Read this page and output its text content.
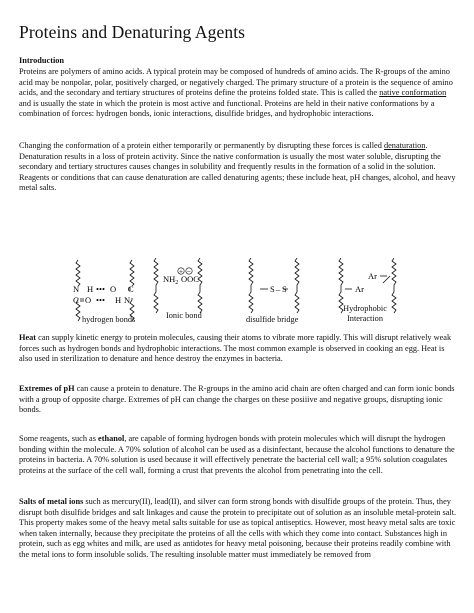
Proteins and Denaturing Agents

Introduction

Proteins are polymers of amino acids. A typical protein may be composed of hundreds of amino acids. The R-groups of the amino acid may be nonpolar, polar, positively charged, or negatively charged. The primary structure of a protein is the sequence of amino acids, and the secondary and tertiary structures of proteins define the proteins folded state. This is called the native conformation and is usually the state in which the protein is most active and functional. Proteins are held in their native conformations by a combination of forces: hydrogen bonds, ionic interactions, disulfide bridges, and hydrophobic interactions.

Changing the conformation of a protein either temporarily or permanently by disrupting these forces is called denaturation. Denaturation results in a loss of protein activity. Since the native conformation is usually the most water soluble, disrupting the secondary and tertiary structures causes changes in solubility and frequently results in the formation of a solid in the solution. Reagents or conditions that can cause denaturation are called denaturing agents; these include heat, pH changes, alcohol, and heavy metal salts.

N H ••• O C
C O ••• H N
+ –
$NH_2$ OOC
S – S
Ar
Ar
hydrogen bonds	Ionic bond	disulfide bridge
Hydrophobic
Interaction

Heat can supply kinetic energy to protein molecules, causing their atoms to vibrate more rapidly. This will disrupt relatively weak forces such as hydrogen bonds and hydrophobic interactions. The most common example is observed in cooking an egg. Heat is also used in sterilization to denature and hence destroy the enzymes in bacteria.

Extremes of pH can cause a protein to denature. The R-groups in the amino acid chain are often charged and can form ionic bonds with a group of opposite charge. Extremes of pH can change the charges on these posiiive and negative groups, disrupting ionic bonds.

Some reagents, such as ethanol, are capable of forming hydrogen bonds with protein molecules which will disrupt the hydrogen bonding within the molecule. A 70% solution of alcohol can be used as a disinfectant, because the alcohol functions to denature the proteins in bacteria. A 70% solution is used because it will effectively penetrate the bacterial cell wall; a 95% solution coagulates proteins at the surface of the cell wall, forming a crust that prevents the alcohol from penetrating into the cell.

Salts of metal ions such as mercury(II), lead(II), and silver can form strong bonds with disulfide groups of the protein. Thus, they disrupt both disulfide bridges and salt linkages and cause the protein to precipitate out of solution as an insoluble metal-protein salt. This property makes some of the heavy metal salts suitable for use as topical antiseptics. However, most heavy metal salts are toxic when taken internally, because they precipitate the proteins of all the cells with which they come into contact. Substances high in protein, such as egg whites and milk, are used as antidotes for heavy metal poisoning, because their proteins readily combine with the metal ions to form insoluble solids. The resulting insoluble matter must immediately be removed from
